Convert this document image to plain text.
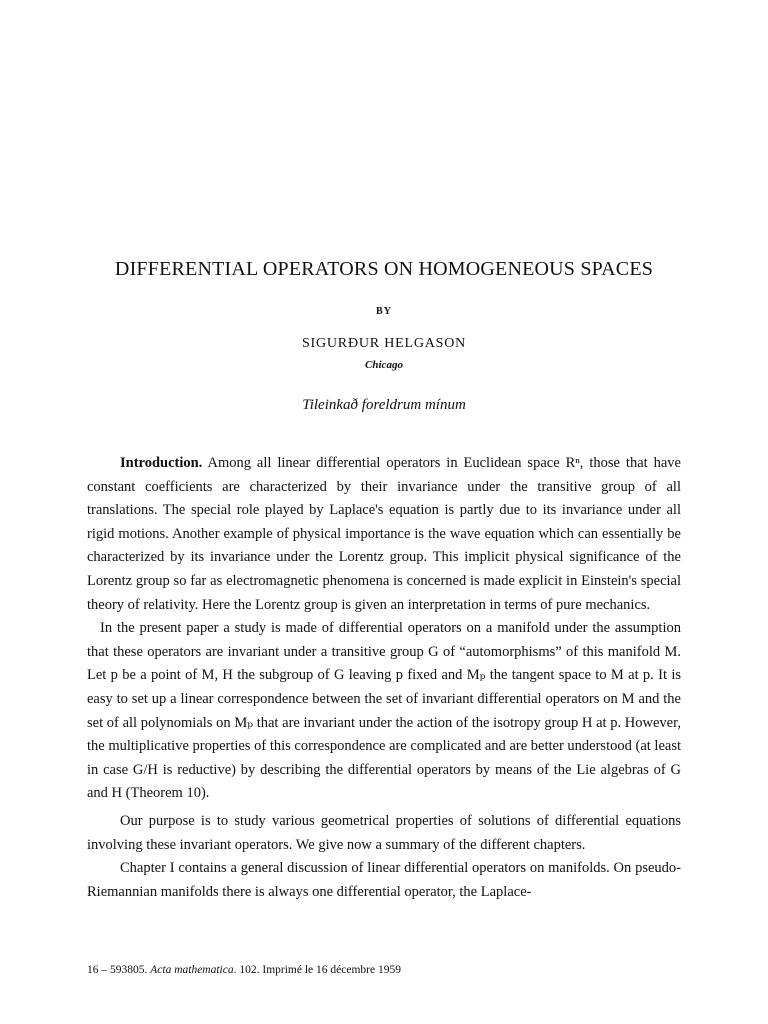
DIFFERENTIAL OPERATORS ON HOMOGENEOUS SPACES
BY
SIGURÐUR HELGASON
Chicago
Tileinkað foreldrum mínum

Introduction. Among all linear differential operators in Euclidean space Rⁿ, those that have constant coefficients are characterized by their invariance under the transitive group of all translations. The special role played by Laplace's equation is partly due to its invariance under all rigid motions. Another example of physical importance is the wave equation which can essentially be characterized by its invariance under the Lorentz group. This implicit physical significance of the Lorentz group so far as electromagnetic phenomena is concerned is made explicit in Einstein's special theory of relativity. Here the Lorentz group is given an interpretation in terms of pure mechanics.

In the present paper a study is made of differential operators on a manifold under the assumption that these operators are invariant under a transitive group G of “automorphisms” of this manifold M. Let p be a point of M, H the subgroup of G leaving p fixed and Mₚ the tangent space to M at p. It is easy to set up a linear correspondence between the set of invariant differential operators on M and the set of all polynomials on Mₚ that are invariant under the action of the isotropy group H at p. However, the multiplicative properties of this correspondence are complicated and are better understood (at least in case G/H is reductive) by describing the differential operators by means of the Lie algebras of G and H (Theorem 10).

Our purpose is to study various geometrical properties of solutions of differential equations involving these invariant operators. We give now a summary of the different chapters.

Chapter I contains a general discussion of linear differential operators on manifolds. On pseudo-Riemannian manifolds there is always one differential operator, the Laplace-

16 – 593805. Acta mathematica. 102. Imprimé le 16 décembre 1959
